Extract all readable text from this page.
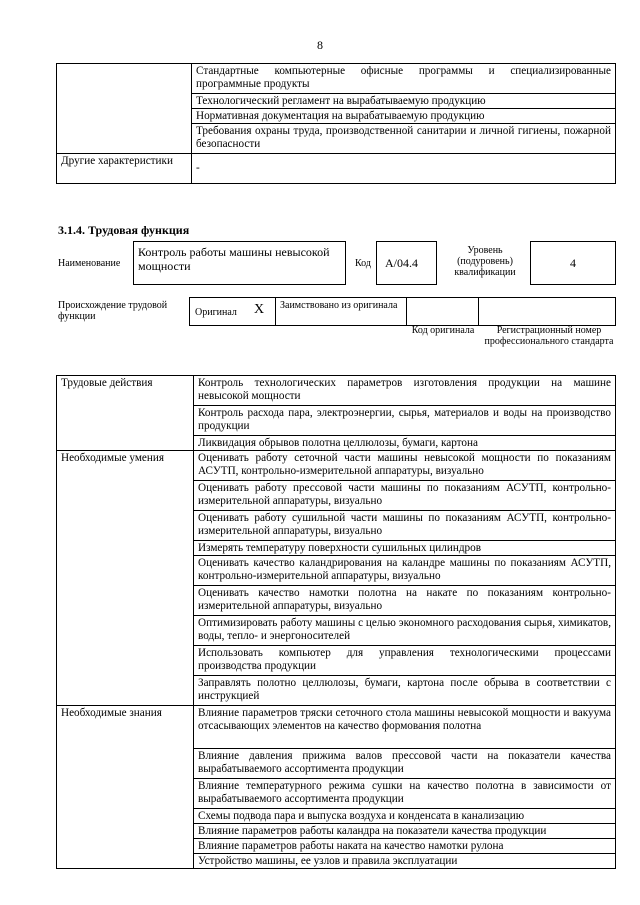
8
	Стандартные компьютерные офисные программы и специализированные программные продукты
	Технологический регламент на вырабатываемую продукцию
	Нормативная документация на вырабатываемую продукцию
	Требования охраны труда, производственной санитарии и личной гигиены, пожарной безопасности
Другие характеристики	-
3.1.4. Трудовая функция
Наименование
Контроль работы машины невысокой мощности	Код	A/04.4
Уровень (подуровень) квалификации
4
Происхождение трудовой функции	Оригинал X Заимствовано из оригинала
Код оригинала	Регистрационный номер профессионального стандарта
Трудовые действия	Контроль технологических параметров изготовления продукции на машине невысокой мощности
	Контроль расхода пара, электроэнергии, сырья, материалов и воды на производство продукции
	Ликвидация обрывов полотна целлюлозы, бумаги, картона
Необходимые умения	Оценивать работу сеточной части машины невысокой мощности по показаниям АСУТП, контрольно-измерительной аппаратуры, визуально
	Оценивать работу прессовой части машины по показаниям АСУТП, контрольно-измерительной аппаратуры, визуально
	Оценивать работу сушильной части машины по показаниям АСУТП, контрольно-измерительной аппаратуры, визуально
	Измерять температуру поверхности сушильных цилиндров
	Оценивать качество каландрирования на каландре машины по показаниям АСУТП, контрольно-измерительной аппаратуры, визуально
	Оценивать качество намотки полотна на накате по показаниям контрольно-измерительной аппаратуры, визуально
	Оптимизировать работу машины с целью экономного расходования сырья, химикатов, воды, тепло- и энергоносителей
	Использовать компьютер для управления технологическими процессами производства продукции
	Заправлять полотно целлюлозы, бумаги, картона после обрыва в соответствии с инструкцией
Необходимые знания	Влияние параметров тряски сеточного стола машины невысокой мощности и вакуума отсасывающих элементов на качество формования полотна
	Влияние давления прижима валов прессовой части на показатели качества вырабатываемого ассортимента продукции
	Влияние температурного режима сушки на качество полотна в зависимости от вырабатываемого ассортимента продукции
	Схемы подвода пара и выпуска воздуха и конденсата в канализацию
	Влияние параметров работы каландра на показатели качества продукции
	Влияние параметров работы наката на качество намотки рулона
	Устройство машины, ее узлов и правила эксплуатации
